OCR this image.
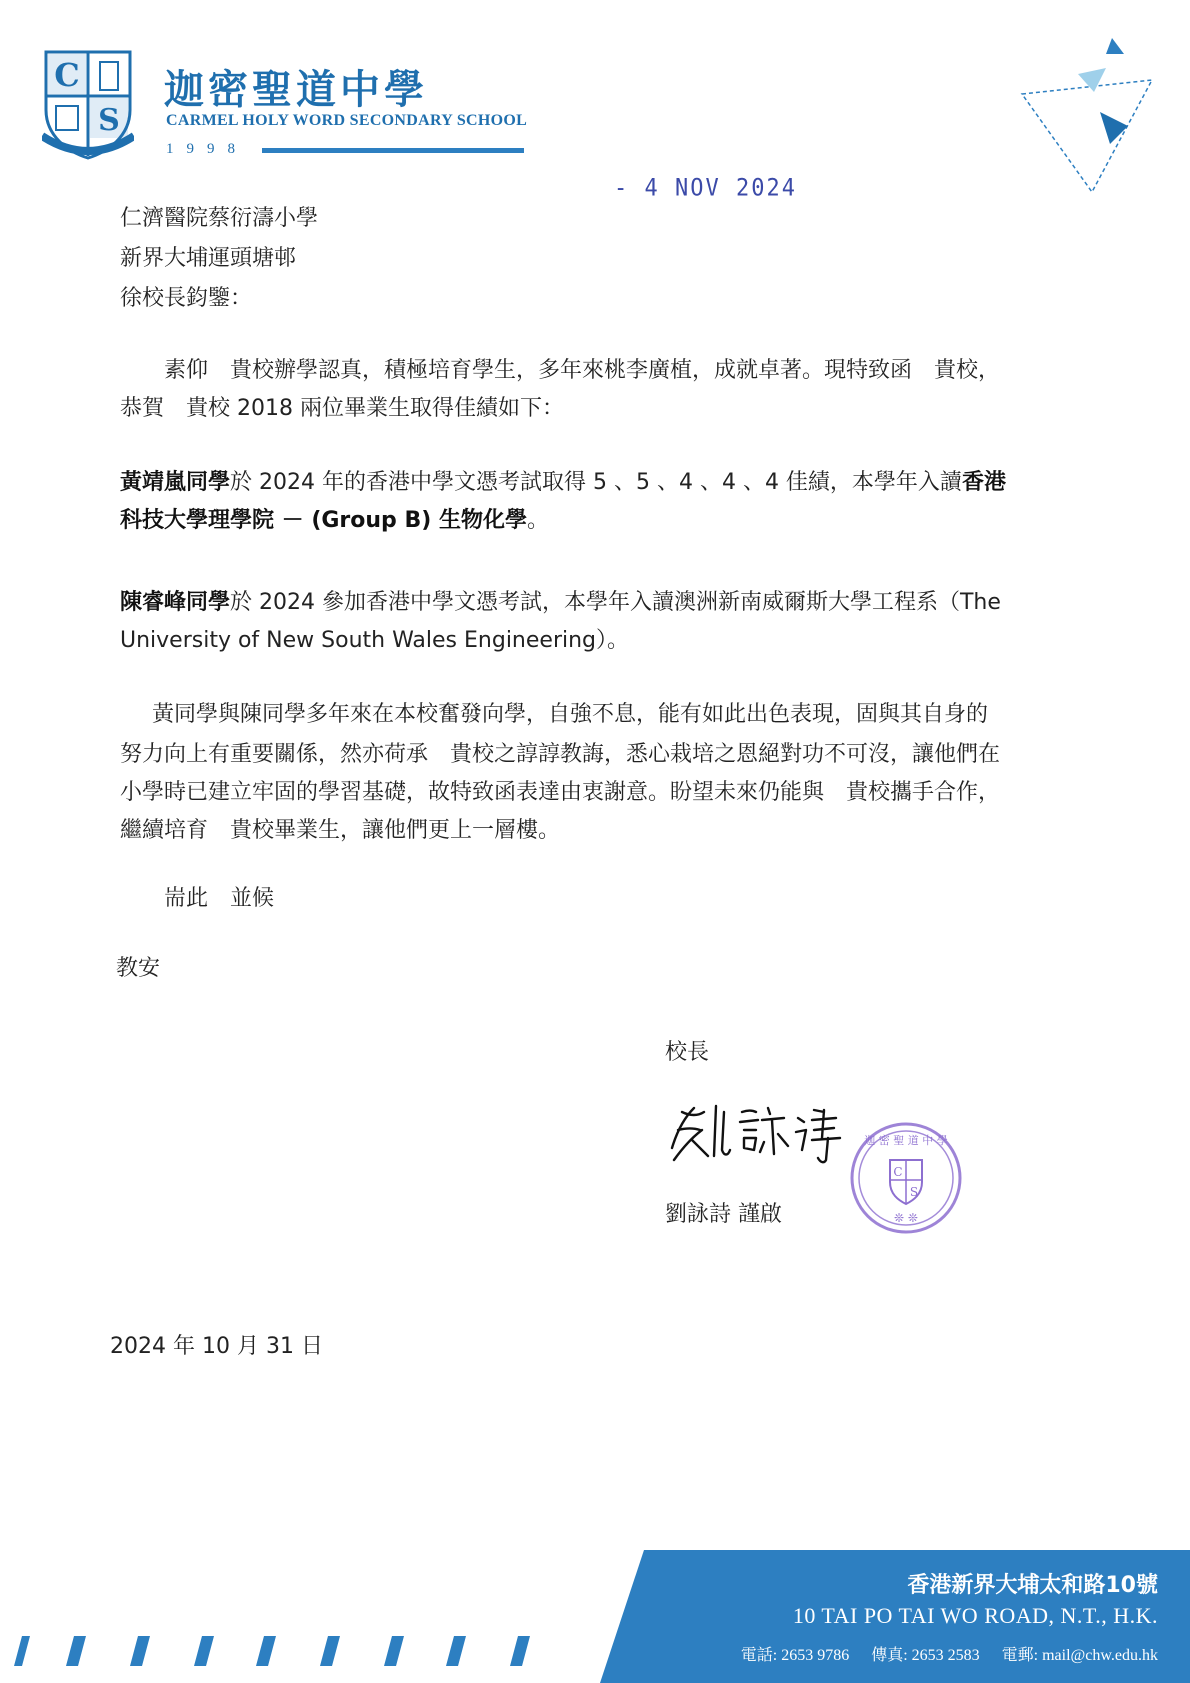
C
S
迦密聖道中學
CARMEL HOLY WORD SECONDARY SCHOOL
1998
- 4 NOV 2024
仁濟醫院蔡衍濤小學
新界大埔運頭塘邨
徐校長鈞鑒：
素仰　貴校辦學認真，積極培育學生，多年來桃李廣植，成就卓著。現特致函　貴校，
恭賀　貴校 2018 兩位畢業生取得佳績如下：
黃靖嵐同學於 2024 年的香港中學文憑考試取得 5 、5 、4 、4 、4 佳績，本學年入讀香港
科技大學理學院 － (Group B) 生物化學。
陳睿峰同學於 2024 參加香港中學文憑考試，本學年入讀澳洲新南威爾斯大學工程系（The
University of New South Wales Engineering）。
黃同學與陳同學多年來在本校奮發向學，自強不息，能有如此出色表現，固與其自身的
努力向上有重要關係，然亦荷承　貴校之諄諄教誨，悉心栽培之恩絕對功不可沒，讓他們在
小學時已建立牢固的學習基礎，故特致函表達由衷謝意。盼望未來仍能與　貴校攜手合作，
繼續培育　貴校畢業生，讓他們更上一層樓。
耑此　並候
教安
校長
C
S
❊ ❊
迦 密 聖 道 中 學
劉詠詩 謹啟
2024 年 10 月 31 日
香港新界大埔太和路10號
10 TAI PO TAI WO ROAD, N.T., H.K.
電話: 2653 9786 傳真: 2653 2583 電郵: mail@chw.edu.hk
